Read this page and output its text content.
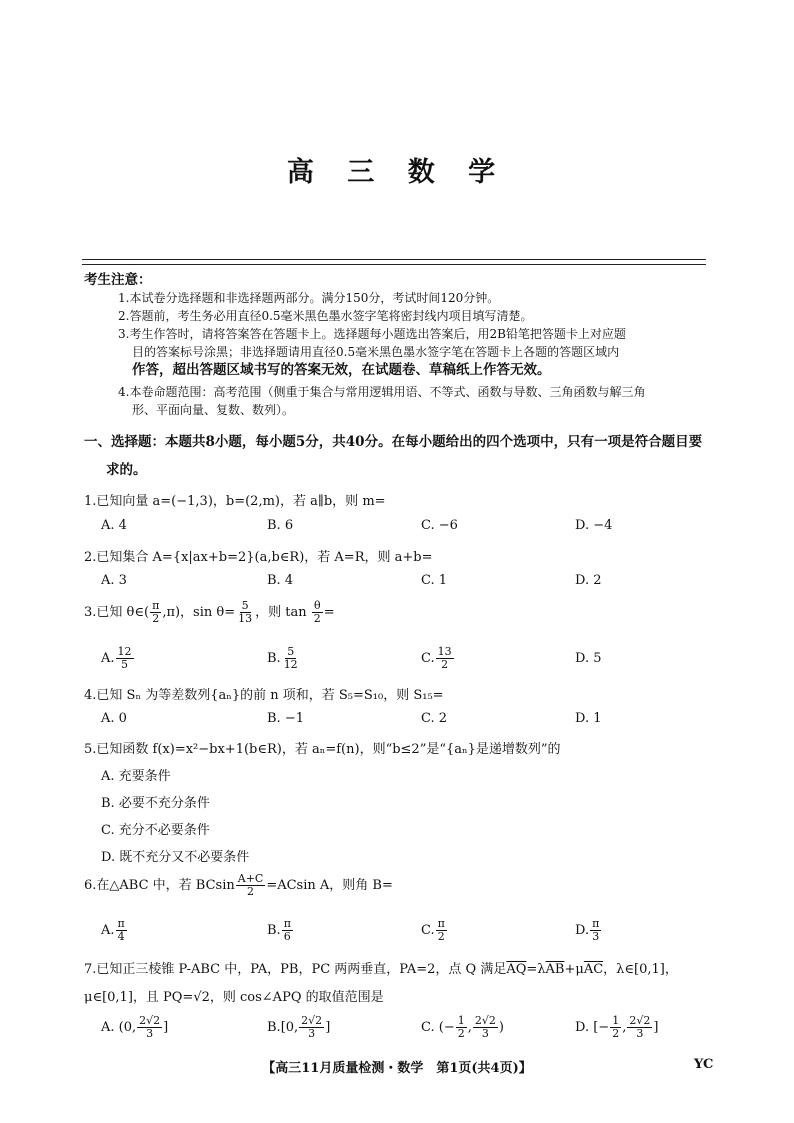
高 三 数 学
考生注意：
1.本试卷分选择题和非选择题两部分。满分150分，考试时间120分钟。
2.答题前，考生务必用直径0.5毫米黑色墨水签字笔将密封线内项目填写清楚。
3.考生作答时，请将答案答在答题卡上。选择题每小题选出答案后，用2B铅笔把答题卡上对应题
目的答案标号涂黑；非选择题请用直径0.5毫米黑色墨水签字笔在答题卡上各题的答题区域内
作答，超出答题区域书写的答案无效，在试题卷、草稿纸上作答无效。
4.本卷命题范围：高考范围（侧重于集合与常用逻辑用语、不等式、函数与导数、三角函数与解三角
形、平面向量、复数、数列）。
一、选择题：本题共8小题，每小题5分，共40分。在每小题给出的四个选项中，只有一项是符合题目要
求的。
1.已知向量 a=(−1,3)，b=(2,m)，若 a∥b，则 m=
A. 4	B. 6	C. −6	D. −4
2.已知集合 A={x|ax+b=2}(a,b∈R)，若 A=R，则 a+b=
A. 3	B. 4	C. 1	D. 2
3.已知 θ∈( $\frac{\pi}{2} ,\pi$)，$\sin \theta= \frac{5}{13}$ ，则 $\tan \frac{\theta}{2}$ =
A. $\frac{12}{5}$	B. $\frac{5}{12}$	C. $\frac{13}{2}$	D. 5
4.已知 Sₙ 为等差数列{aₙ}的前 n 项和，若 S₅=S₁₀，则 S₁₅=
A. 0	B. −1	C. 2	D. 1
5.已知函数 f(x)=x²−bx+1(b∈R)，若 aₙ=f(n)，则“b≤2”是“{aₙ}是递增数列”的
A. 充要条件
B. 必要不充分条件
C. 充分不必要条件
D. 既不充分又不必要条件
6.在△ABC 中，若 BCsin $\frac{A+C}{2} =ACsin$ A，则角 B=
A. $\frac{\pi}{4}$	B. $\frac{\pi}{6}$	C. $\frac{\pi}{2}$	D. $\frac{\pi}{3}$
7.已知正三棱锥 P-ABC 中，PA，PB，PC 两两垂直，PA=2，点 Q 满足$\overline{AQ}=\lambda\overline{AB}+\mu\overline{AC}$，λ∈[0,1]，
μ∈[0,1]，且 PQ=√2，则 cos∠APQ 的取值范围是
A. (0, $\frac{2√2}{3}$ ]	B.[0, $\frac{2√2}{3}$ ]	C. (− $\frac{1}{2}$ , $\frac{2√2}{3}$ )	D. [− $\frac{1}{2}$ , $\frac{2√2}{3}$ ]
【高三11月质量检测・数学　第1页(共4页)】	YC
